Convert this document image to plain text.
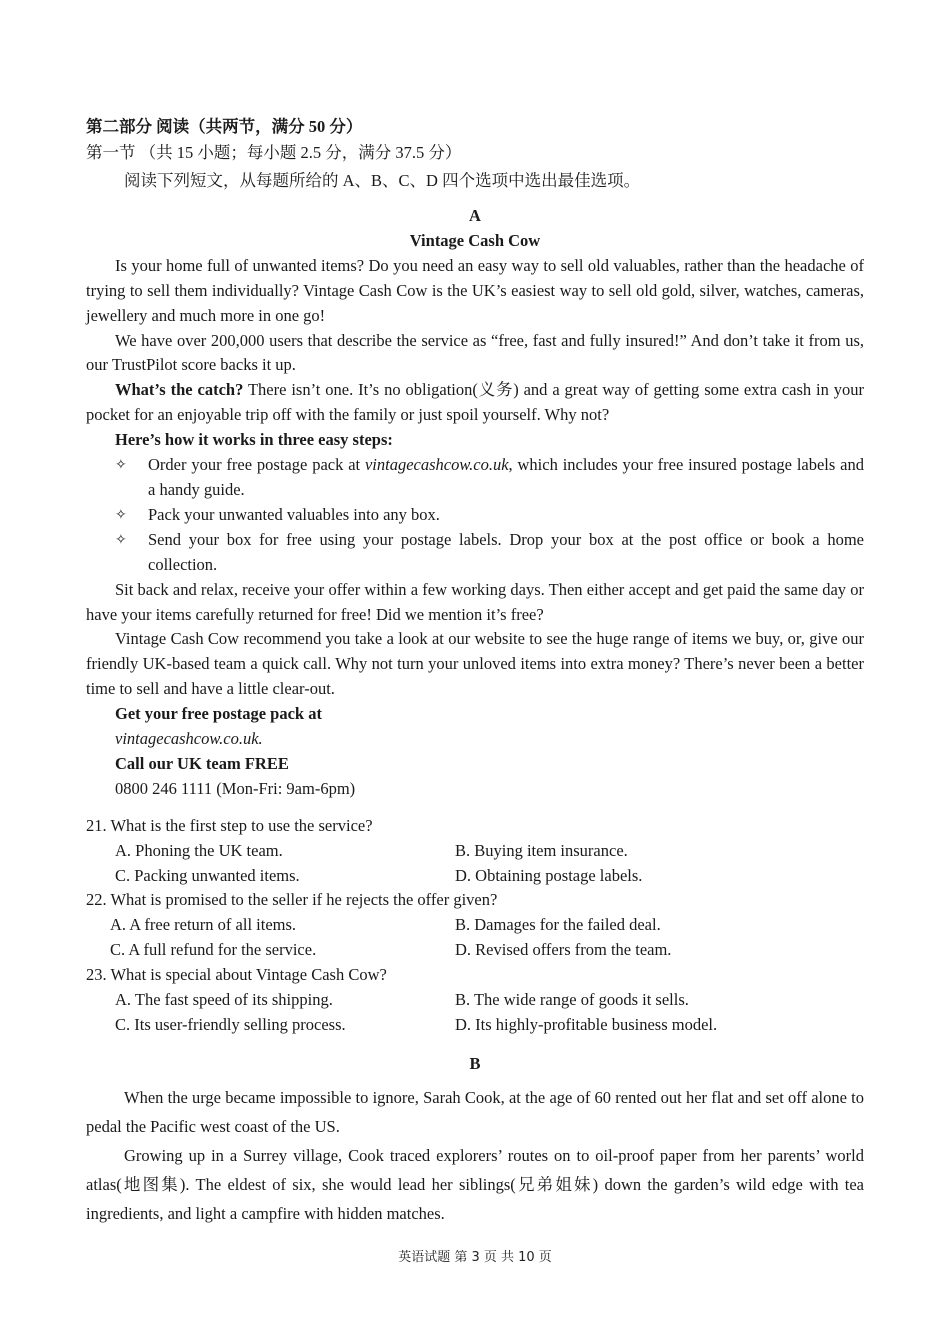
第二部分 阅读（共两节，满分 50 分）

第一节 （共 15 小题；每小题 2.5 分，满分 37.5 分）

阅读下列短文，从每题所给的 A、B、C、D 四个选项中选出最佳选项。

A

Vintage Cash Cow

Is your home full of unwanted items? Do you need an easy way to sell old valuables, rather than the headache of trying to sell them individually? Vintage Cash Cow is the UK’s easiest way to sell old gold, silver, watches, cameras, jewellery and much more in one go!

We have over 200,000 users that describe the service as “free, fast and fully insured!” And don’t take it from us, our TrustPilot score backs it up.

What’s the catch? There isn’t one. It’s no obligation(义务) and a great way of getting some extra cash in your pocket for an enjoyable trip off with the family or just spoil yourself. Why not?

Here’s how it works in three easy steps:

✧	Order your free postage pack at vintagecashcow.co.uk, which includes your free insured postage labels and a handy guide.
✧	Pack your unwanted valuables into any box.
✧	Send your box for free using your postage labels. Drop your box at the post office or book a home collection.

Sit back and relax, receive your offer within a few working days. Then either accept and get paid the same day or have your items carefully returned for free! Did we mention it’s free?

Vintage Cash Cow recommend you take a look at our website to see the huge range of items we buy, or, give our friendly UK-based team a quick call. Why not turn your unloved items into extra money? There’s never been a better time to sell and have a little clear-out.

Get your free postage pack at

vintagecashcow.co.uk.

Call our UK team FREE

0800 246 1111 (Mon-Fri: 9am-6pm)

21. What is the first step to use the service?

A. Phoning the UK team.	B. Buying item insurance.
C. Packing unwanted items.	D. Obtaining postage labels.

22. What is promised to the seller if he rejects the offer given?

A. A free return of all items.	B. Damages for the failed deal.
C. A full refund for the service.	D. Revised offers from the team.

23. What is special about Vintage Cash Cow?

A. The fast speed of its shipping.	B. The wide range of goods it sells.
C. Its user-friendly selling process.	D. Its highly-profitable business model.

B

When the urge became impossible to ignore, Sarah Cook, at the age of 60 rented out her flat and set off alone to pedal the Pacific west coast of the US.

Growing up in a Surrey village, Cook traced explorers’ routes on to oil-proof paper from her parents’ world atlas(地图集). The eldest of six, she would lead her siblings(兄弟姐妹) down the garden’s wild edge with tea ingredients, and light a campfire with hidden matches.

英语试题 第 3 页 共 10 页
